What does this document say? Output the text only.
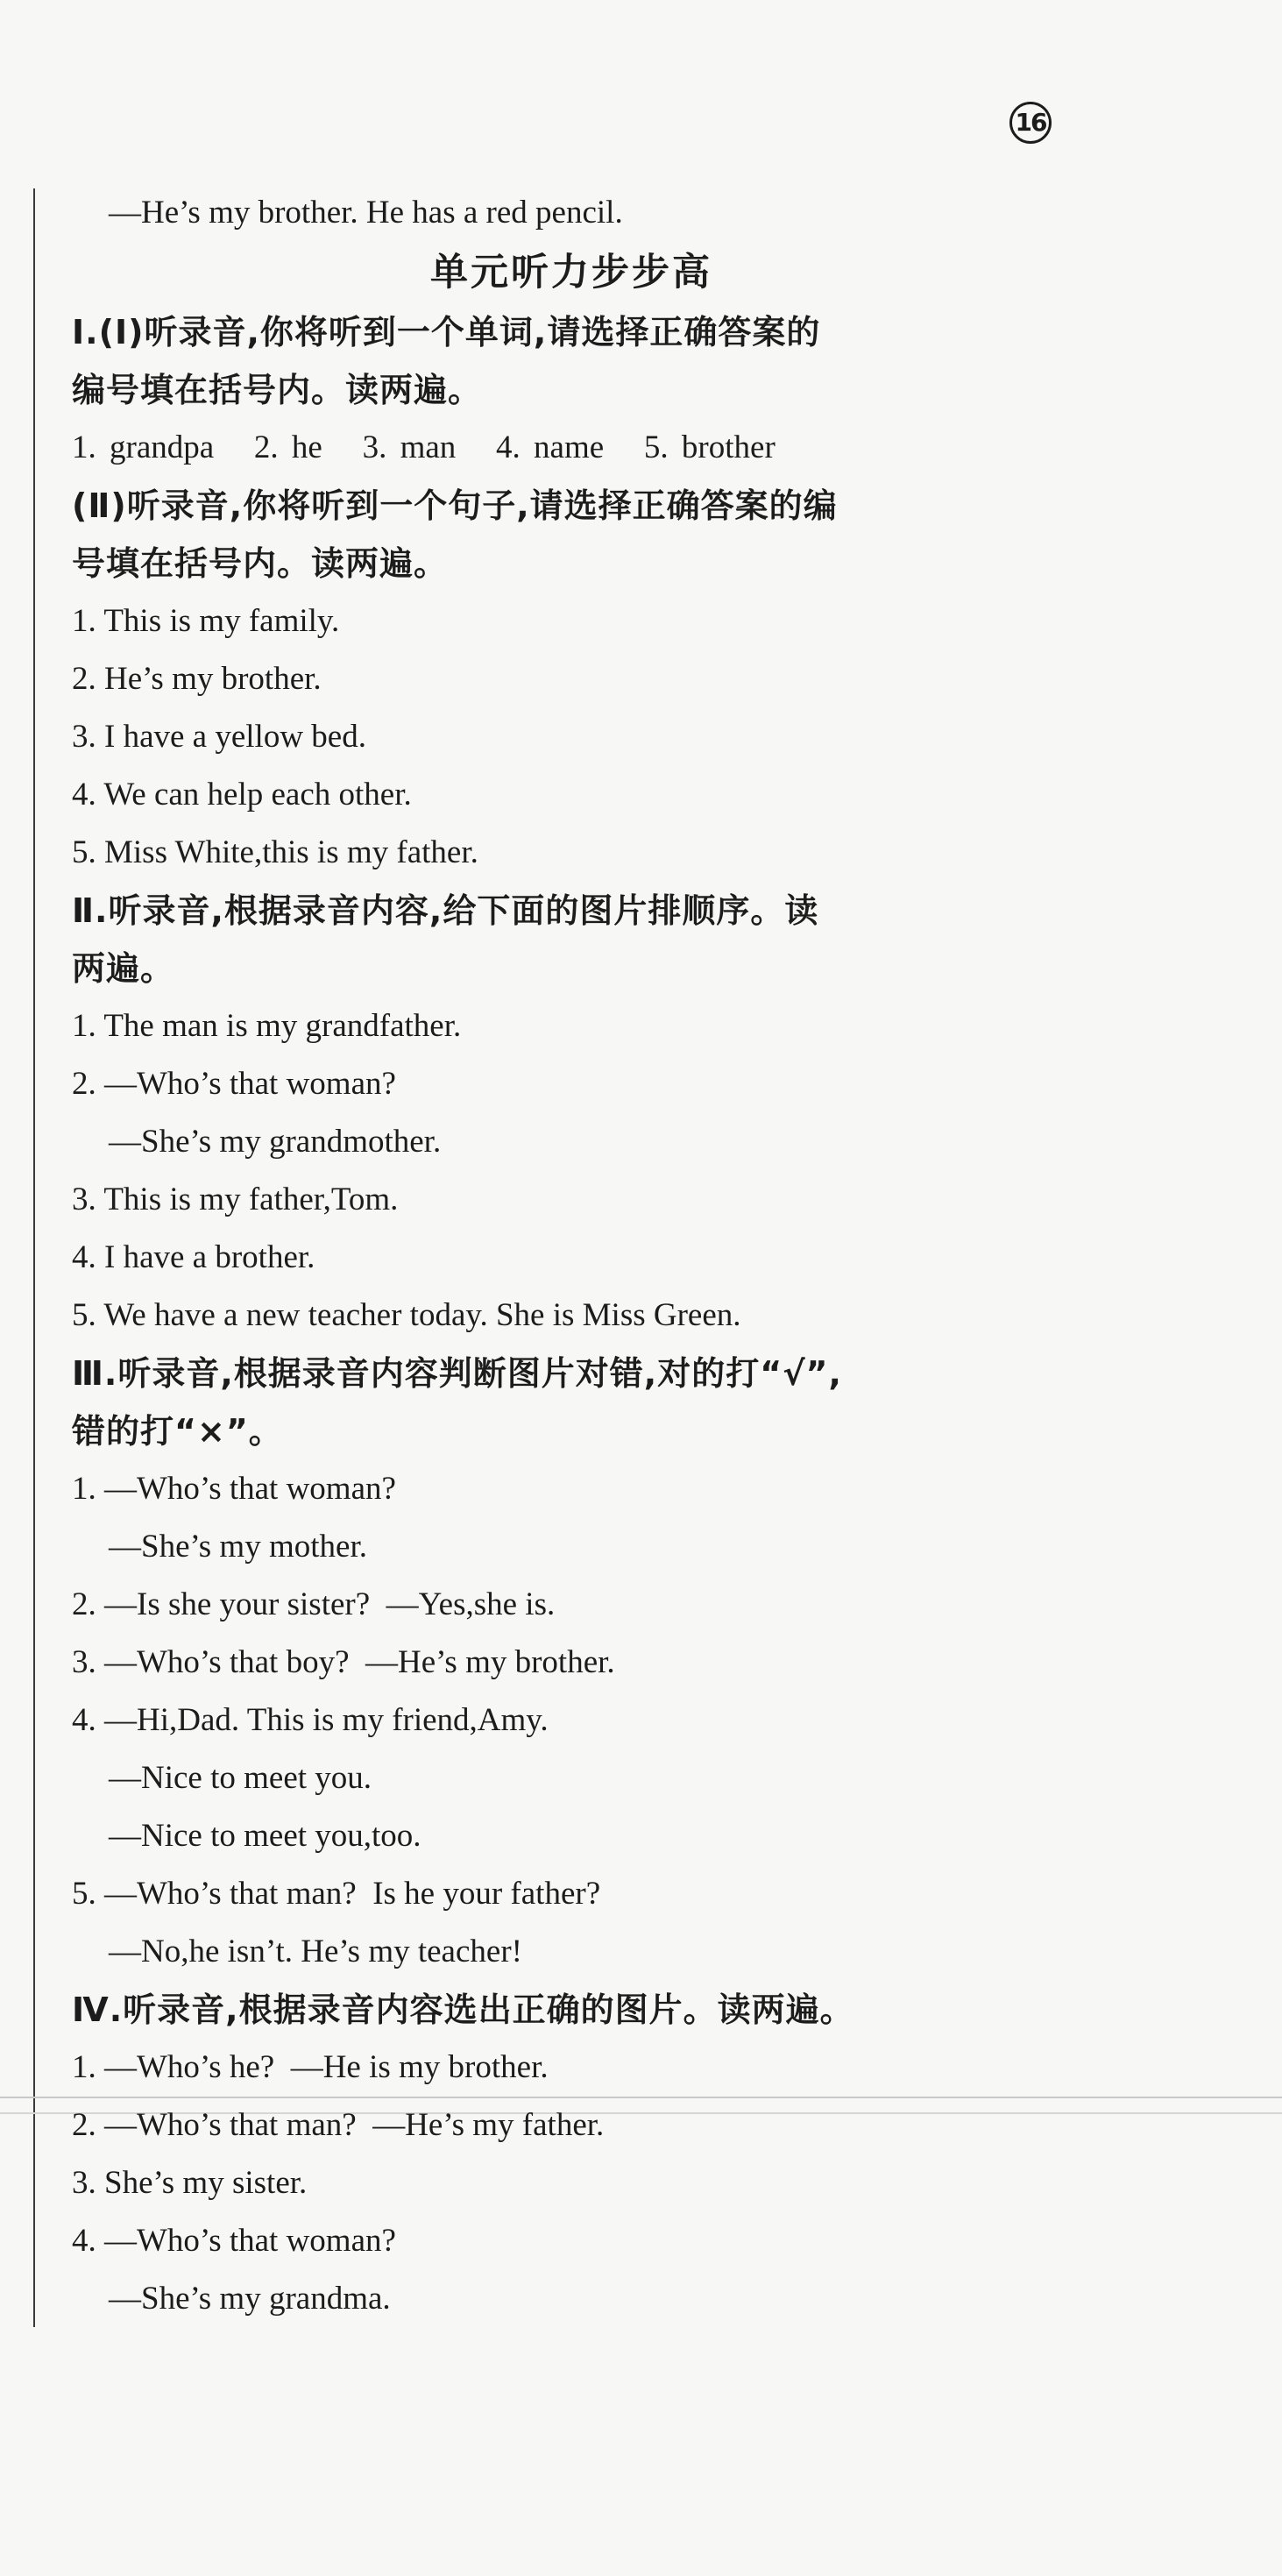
16
—He’s my brother. He has a red pencil.
单元听力步步高
Ⅰ.(Ⅰ)听录音,你将听到一个单词,请选择正确答案的
编号填在括号内。读两遍。
1. grandpa   2. he   3. man   4. name   5. brother
(Ⅱ)听录音,你将听到一个句子,请选择正确答案的编
号填在括号内。读两遍。
1. This is my family.
2. He’s my brother.
3. I have a yellow bed.
4. We can help each other.
5. Miss White,this is my father.
Ⅱ.听录音,根据录音内容,给下面的图片排顺序。读
两遍。
1. The man is my grandfather.
2. —Who’s that woman?
—She’s my grandmother.
3. This is my father,Tom.
4. I have a brother.
5. We have a new teacher today. She is Miss Green.
Ⅲ.听录音,根据录音内容判断图片对错,对的打“√”,
错的打“×”。
1. —Who’s that woman?
—She’s my mother.
2. —Is she your sister?  —Yes,she is.
3. —Who’s that boy?  —He’s my brother.
4. —Hi,Dad. This is my friend,Amy.
—Nice to meet you.
—Nice to meet you,too.
5. —Who’s that man?  Is he your father?
—No,he isn’t. He’s my teacher!
Ⅳ.听录音,根据录音内容选出正确的图片。读两遍。
1. —Who’s he?  —He is my brother.
2. —Who’s that man?  —He’s my father.
3. She’s my sister.
4. —Who’s that woman?
—She’s my grandma.
